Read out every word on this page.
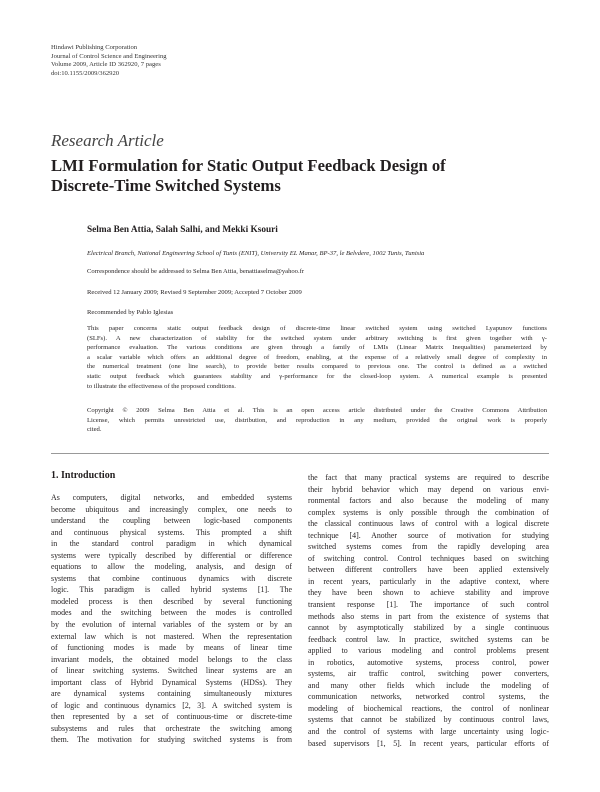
Hindawi Publishing Corporation
Journal of Control Science and Engineering
Volume 2009, Article ID 362920, 7 pages
doi:10.1155/2009/362920
Research Article
LMI Formulation for Static Output Feedback Design of
Discrete-Time Switched Systems
Selma Ben Attia, Salah Salhi, and Mekki Ksouri
Electrical Branch, National Engineering School of Tunis (ENIT), University EL Manar, BP-37, le Belvdere, 1002 Tunis, Tunisia
Correspondence should be addressed to Selma Ben Attia, benattiaselma@yahoo.fr
Received 12 January 2009; Revised 9 September 2009; Accepted 7 October 2009
Recommended by Pablo Iglesias
This paper concerns static output feedback design of discrete-time linear switched system using switched Lyapunov functions
(SLFs). A new characterization of stability for the switched system under arbitrary switching is first given together with γ-
performance evaluation. The various conditions are given through a family of LMIs (Linear Matrix Inequalities) parameterized by
a scalar variable which offers an additional degree of freedom, enabling, at the expense of a relatively small degree of complexity in
the numerical treatment (one line search), to provide better results compared to previous one. The control is defined as a switched
static output feedback which guarantees stability and γ-performance for the closed-loop system. A numerical example is presented
to illustrate the effectiveness of the proposed conditions.
Copyright © 2009 Selma Ben Attia et al. This is an open access article distributed under the Creative Commons Attribution
License, which permits unrestricted use, distribution, and reproduction in any medium, provided the original work is properly
cited.
1. Introduction
As computers, digital networks, and embedded systems
become ubiquitous and increasingly complex, one needs to
understand the coupling between logic-based components
and continuous physical systems. This prompted a shift
in the standard control paradigm in which dynamical
systems were typically described by differential or difference
equations to allow the modeling, analysis, and design of
systems that combine continuous dynamics with discrete
logic. This paradigm is called hybrid systems [1]. The
modeled process is then described by several functioning
modes and the switching between the modes is controlled
by the evolution of internal variables of the system or by an
external law which is not mastered. When the representation
of functioning modes is made by means of linear time
invariant models, the obtained model belongs to the class
of linear switching systems. Switched linear systems are an
important class of Hybrid Dynamical Systems (HDSs). They
are dynamical systems containing simultaneously mixtures
of logic and continuous dynamics [2, 3]. A switched system is
then represented by a set of continuous-time or discrete-time
subsystems and rules that orchestrate the switching among
them. The motivation for studying switched systems is from
the fact that many practical systems are required to describe
their hybrid behavior which may depend on various envi-
ronmental factors and also because the modeling of many
complex systems is only possible through the combination of
the classical continuous laws of control with a logical discrete
technique [4]. Another source of motivation for studying
switched systems comes from the rapidly developing area
of switching control. Control techniques based on switching
between different controllers have been applied extensively
in recent years, particularly in the adaptive context, where
they have been shown to achieve stability and improve
transient response [1]. The importance of such control
methods also stems in part from the existence of systems that
cannot by asymptotically stabilized by a single continuous
feedback control law. In practice, switched systems can be
applied to various modeling and control problems present
in robotics, automotive systems, process control, power
systems, air traffic control, switching power converters,
and many other fields which include the modeling of
communication networks, networked control systems, the
modeling of biochemical reactions, the control of nonlinear
systems that cannot be stabilized by continuous control laws,
and the control of systems with large uncertainty using logic-
based supervisors [1, 5]. In recent years, particular efforts of
